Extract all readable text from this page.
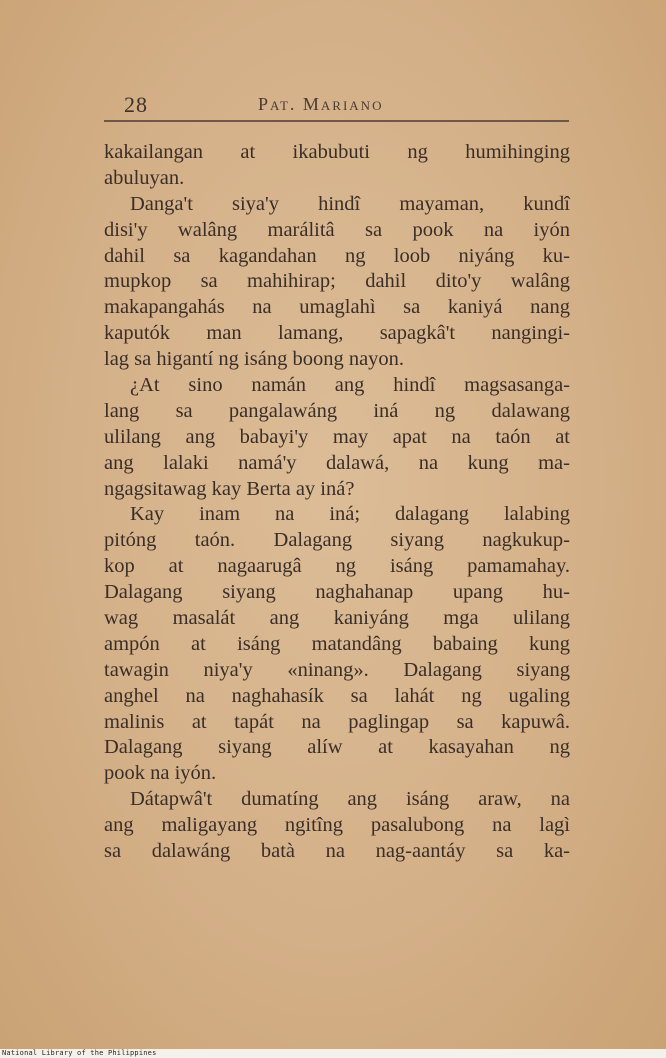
28	Pat. Mariano
kakailangan at ikabubuti ng humihinging
abuluyan.
Danga't siya'y hindî mayaman, kundî
disi'y walâng marálitâ sa pook na iyón
dahil sa kagandahan ng loob niyáng ku-
mupkop sa mahihirap; dahil dito'y walâng
makapangahás na umaglahì sa kaniyá nang
kaputók man lamang, sapagkâ't nangingi-
lag sa higantí ng isáng boong nayon.
¿At sino namán ang hindî magsasanga-
lang sa pangalawáng iná ng dalawang
ulilang ang babayi'y may apat na taón at
ang lalaki namá'y dalawá, na kung ma-
ngagsitawag kay Berta ay iná?
Kay inam na iná; dalagang lalabing
pitóng taón. Dalagang siyang nagkukup-
kop at nagaarugâ ng isáng pamamahay.
Dalagang siyang naghahanap upang hu-
wag masalát ang kaniyáng mga ulilang
ampón at isáng matandâng babaing kung
tawagin niya'y «ninang». Dalagang siyang
anghel na naghahasík sa lahát ng ugaling
malinis at tapát na paglingap sa kapuwâ.
Dalagang siyang alíw at kasayahan ng
pook na iyón.
Dátapwâ't dumatíng ang isáng araw, na
ang maligayang ngitîng pasalubong na lagì
sa dalawáng batà na nag-aantáy sa ka-
National Library of the Philippines
